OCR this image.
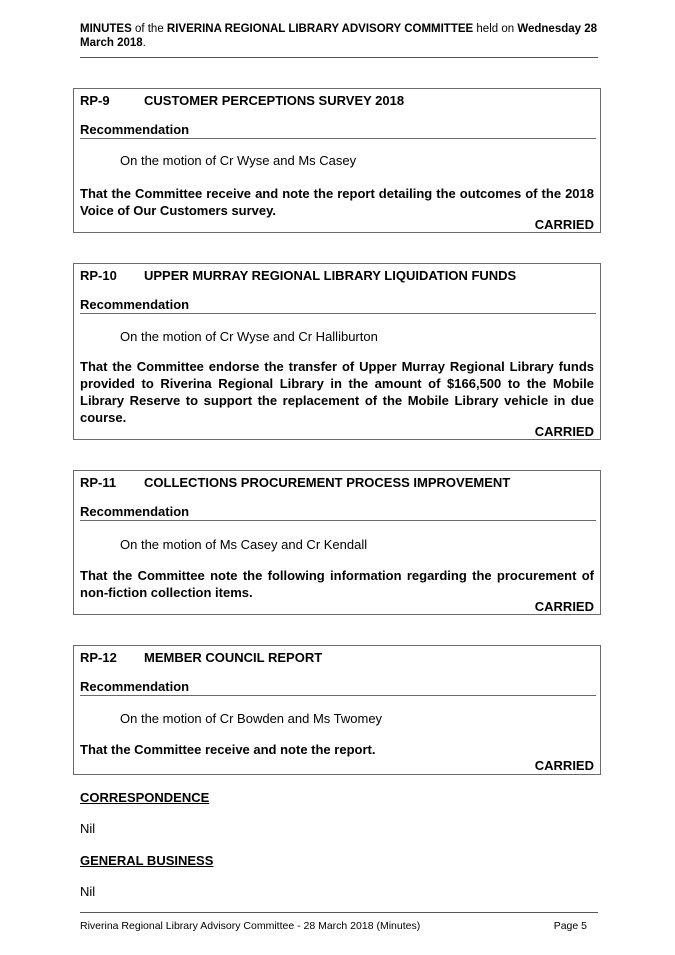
MINUTES of the RIVERINA REGIONAL LIBRARY ADVISORY COMMITTEE held on Wednesday 28 March 2018.
RP-9	CUSTOMER PERCEPTIONS SURVEY 2018
Recommendation
On the motion of Cr Wyse and Ms Casey
That the Committee receive and note the report detailing the outcomes of the 2018 Voice of Our Customers survey.
CARRIED
RP-10 UPPER MURRAY REGIONAL LIBRARY LIQUIDATION FUNDS
Recommendation
On the motion of Cr Wyse and Cr Halliburton
That the Committee endorse the transfer of Upper Murray Regional Library funds provided to Riverina Regional Library in the amount of $166,500 to the Mobile Library Reserve to support the replacement of the Mobile Library vehicle in due course.
CARRIED
RP-11 COLLECTIONS PROCUREMENT PROCESS IMPROVEMENT
Recommendation
On the motion of Ms Casey and Cr Kendall
That the Committee note the following information regarding the procurement of non-fiction collection items.
CARRIED
RP-12 MEMBER COUNCIL REPORT
Recommendation
On the motion of Cr Bowden and Ms Twomey
That the Committee receive and note the report.
CARRIED
CORRESPONDENCE
Nil
GENERAL BUSINESS
Nil
Riverina Regional Library Advisory Committee - 28 March 2018 (Minutes)	Page 5
